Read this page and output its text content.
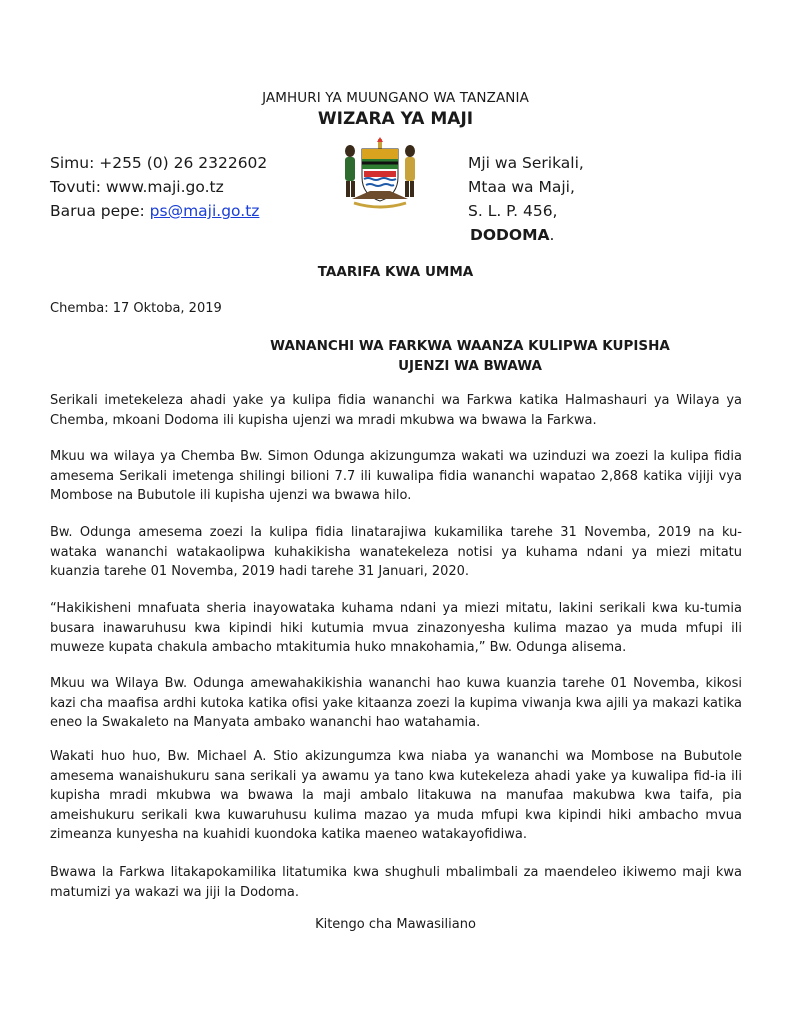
JAMHURI YA MUUNGANO WA TANZANIA
WIZARA YA MAJI
Simu: +255 (0) 26 2322602
Tovuti: www.maji.go.tz
Barua pepe: ps@maji.go.tz
Mji wa Serikali,
Mtaa wa Maji,
S. L. P. 456,
DODOMA.
TAARIFA KWA UMMA
Chemba: 17 Oktoba, 2019
WANANCHI WA FARKWA WAANZA KULIPWA KUPISHA
UJENZI WA BWAWA
Serikali imetekeleza ahadi yake ya kulipa fidia wananchi wa Farkwa katika Halmashauri ya Wilaya ya Chemba, mkoani Dodoma ili kupisha ujenzi wa mradi mkubwa wa bwawa la Farkwa.
Mkuu wa wilaya ya Chemba Bw. Simon Odunga akizungumza wakati wa uzinduzi wa zoezi la kulipa fidia amesema Serikali imetenga shilingi bilioni 7.7 ili kuwalipa fidia wananchi wapatao 2,868 katika vijiji vya Mombose na Bubutole ili kupisha ujenzi wa bwawa hilo.
Bw. Odunga amesema zoezi la kulipa fidia linatarajiwa kukamilika tarehe 31 Novemba, 2019 na ku-wataka wananchi watakaolipwa kuhakikisha wanatekeleza notisi ya kuhama ndani ya miezi mitatu kuanzia tarehe 01 Novemba, 2019 hadi tarehe 31 Januari, 2020.
“Hakikisheni mnafuata sheria inayowataka kuhama ndani ya miezi mitatu, lakini serikali kwa ku-tumia busara inawaruhusu kwa kipindi hiki kutumia mvua zinazonyesha kulima mazao ya muda mfupi ili muweze kupata chakula ambacho mtakitumia huko mnakohamia,” Bw. Odunga alisema.
Mkuu wa Wilaya Bw. Odunga amewahakikishia wananchi hao kuwa kuanzia tarehe 01 Novemba, kikosi kazi cha maafisa ardhi kutoka katika ofisi yake kitaanza zoezi la kupima viwanja kwa ajili ya makazi katika eneo la Swakaleto na Manyata ambako wananchi hao watahamia.
Wakati huo huo, Bw. Michael A. Stio akizungumza kwa niaba ya wananchi wa Mombose na Bubutole amesema wanaishukuru sana serikali ya awamu ya tano kwa kutekeleza ahadi yake ya kuwalipa fid-ia ili kupisha mradi mkubwa wa bwawa la maji ambalo litakuwa na manufaa makubwa kwa taifa, pia ameishukuru serikali kwa kuwaruhusu kulima mazao ya muda mfupi kwa kipindi hiki ambacho mvua zimeanza kunyesha na kuahidi kuondoka katika maeneo watakayofidiwa.
Bwawa la Farkwa litakapokamilika litatumika kwa shughuli mbalimbali za maendeleo ikiwemo maji kwa matumizi ya wakazi wa jiji la Dodoma.
Kitengo cha Mawasiliano
